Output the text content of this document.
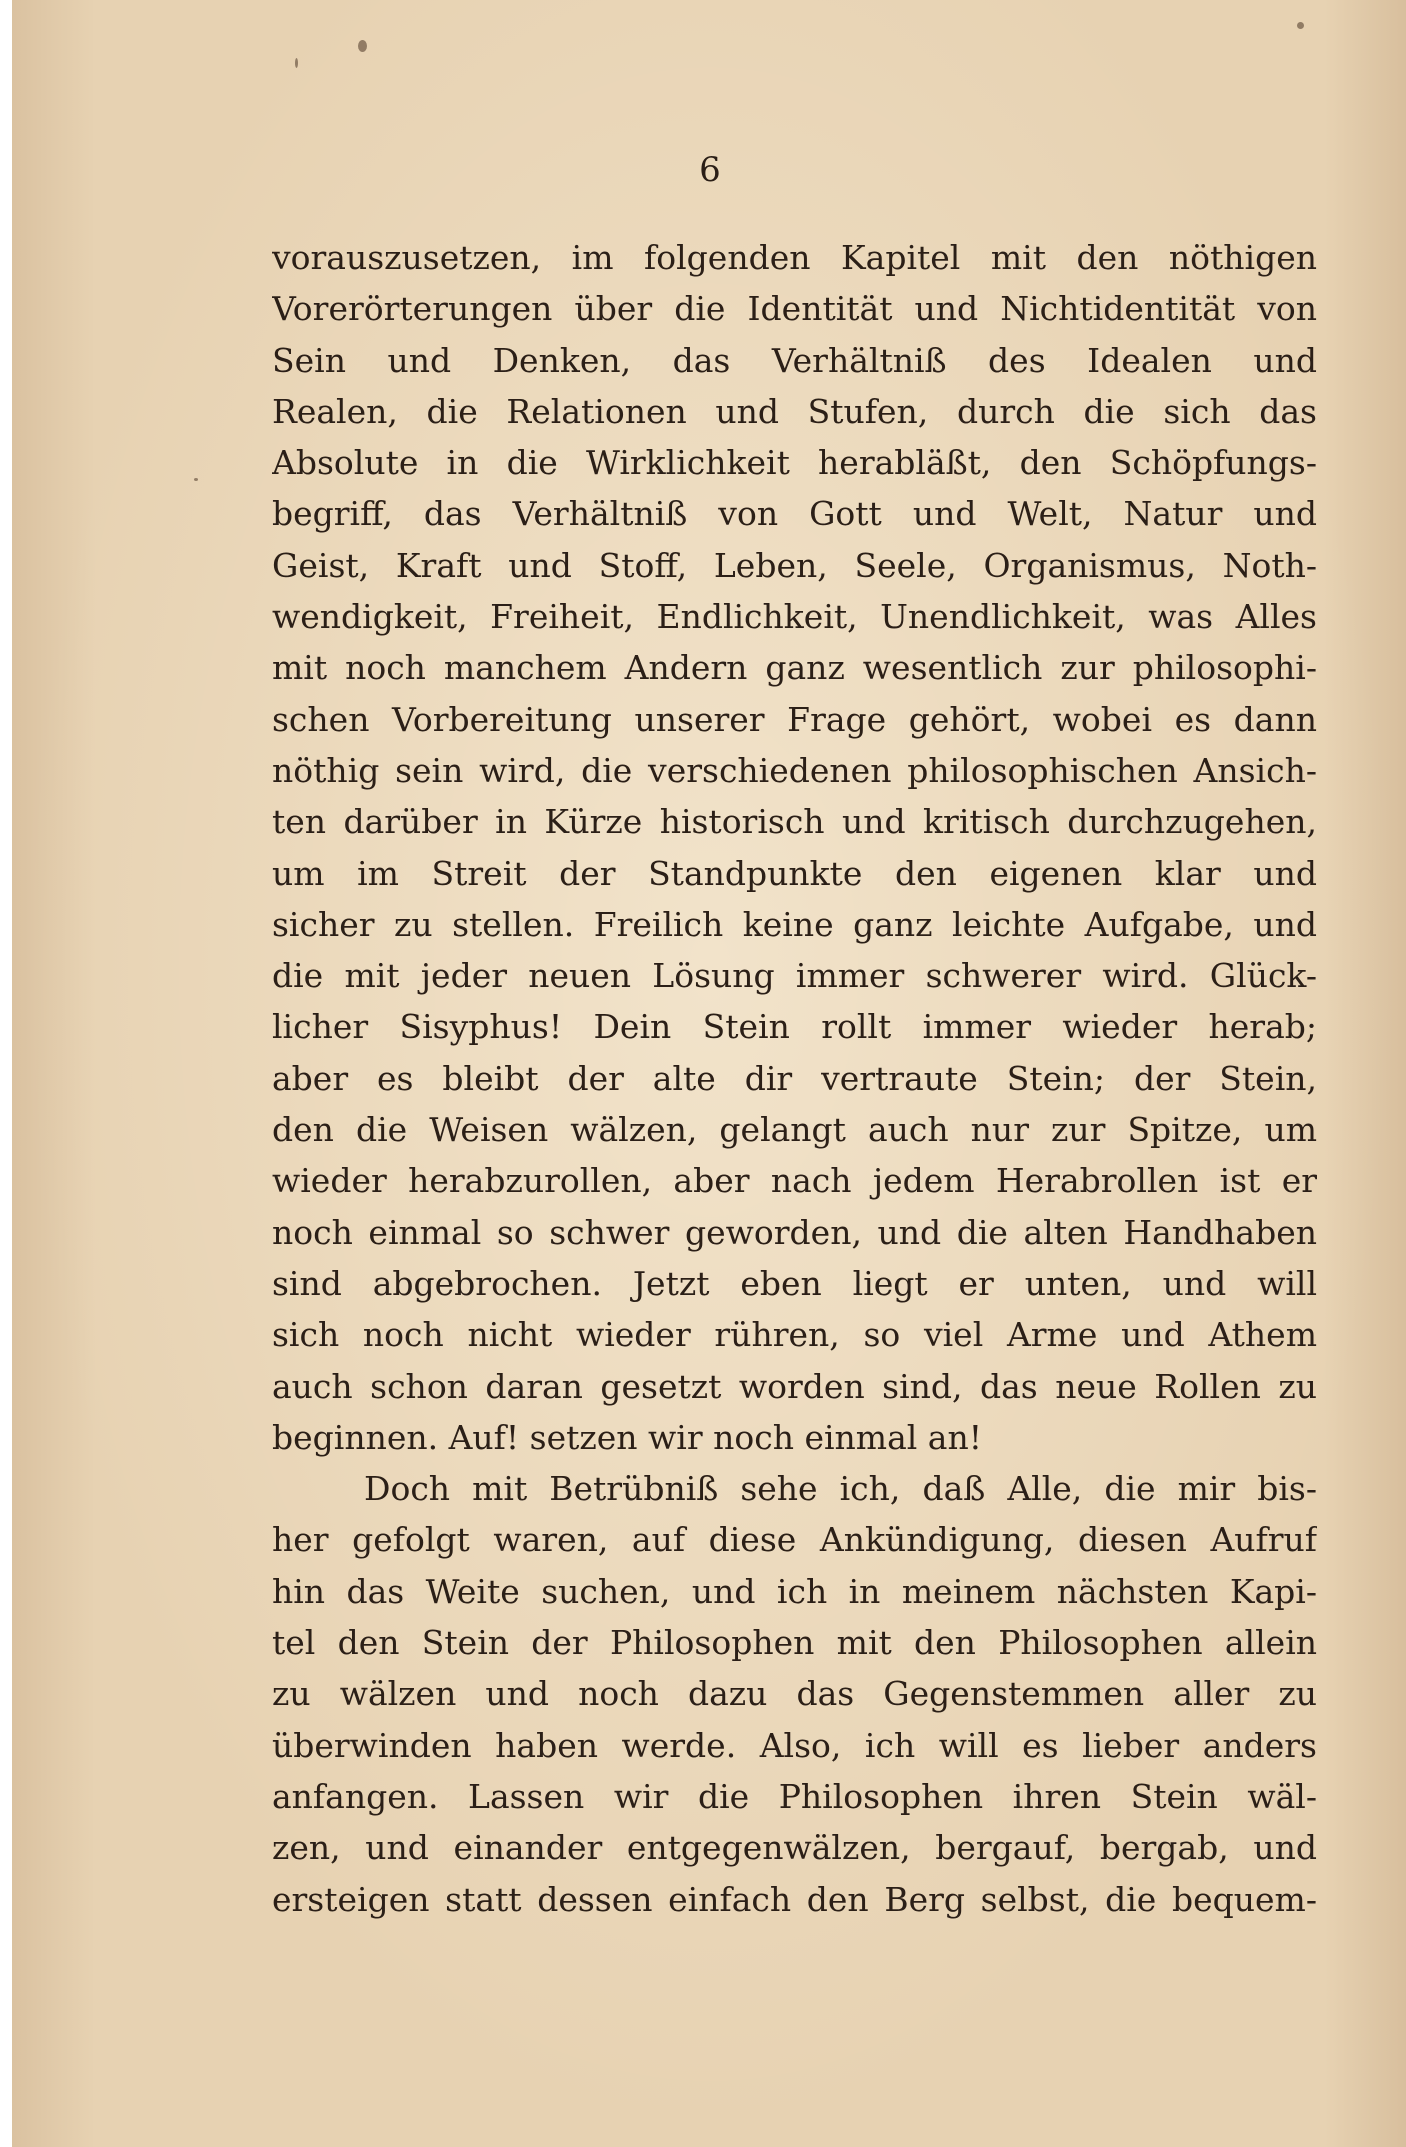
6
vorauszusetzen, im folgenden Kapitel mit den nöthigen
Vorerörterungen über die Identität und Nichtidentität von
Sein und Denken, das Verhältniß des Idealen und
Realen, die Relationen und Stufen, durch die sich das
Absolute in die Wirklichkeit herabläßt, den Schöpfungs-
begriff, das Verhältniß von Gott und Welt, Natur und
Geist, Kraft und Stoff, Leben, Seele, Organismus, Noth-
wendigkeit, Freiheit, Endlichkeit, Unendlichkeit, was Alles
mit noch manchem Andern ganz wesentlich zur philosophi-
schen Vorbereitung unserer Frage gehört, wobei es dann
nöthig sein wird, die verschiedenen philosophischen Ansich-
ten darüber in Kürze historisch und kritisch durchzugehen,
um im Streit der Standpunkte den eigenen klar und
sicher zu stellen. Freilich keine ganz leichte Aufgabe, und
die mit jeder neuen Lösung immer schwerer wird. Glück-
licher Sisyphus! Dein Stein rollt immer wieder herab;
aber es bleibt der alte dir vertraute Stein; der Stein,
den die Weisen wälzen, gelangt auch nur zur Spitze, um
wieder herabzurollen, aber nach jedem Herabrollen ist er
noch einmal so schwer geworden, und die alten Handhaben
sind abgebrochen. Jetzt eben liegt er unten, und will
sich noch nicht wieder rühren, so viel Arme und Athem
auch schon daran gesetzt worden sind, das neue Rollen zu
beginnen. Auf! setzen wir noch einmal an!
Doch mit Betrübniß sehe ich, daß Alle, die mir bis-
her gefolgt waren, auf diese Ankündigung, diesen Aufruf
hin das Weite suchen, und ich in meinem nächsten Kapi-
tel den Stein der Philosophen mit den Philosophen allein
zu wälzen und noch dazu das Gegenstemmen aller zu
überwinden haben werde. Also, ich will es lieber anders
anfangen. Lassen wir die Philosophen ihren Stein wäl-
zen, und einander entgegenwälzen, bergauf, bergab, und
ersteigen statt dessen einfach den Berg selbst, die bequem-
